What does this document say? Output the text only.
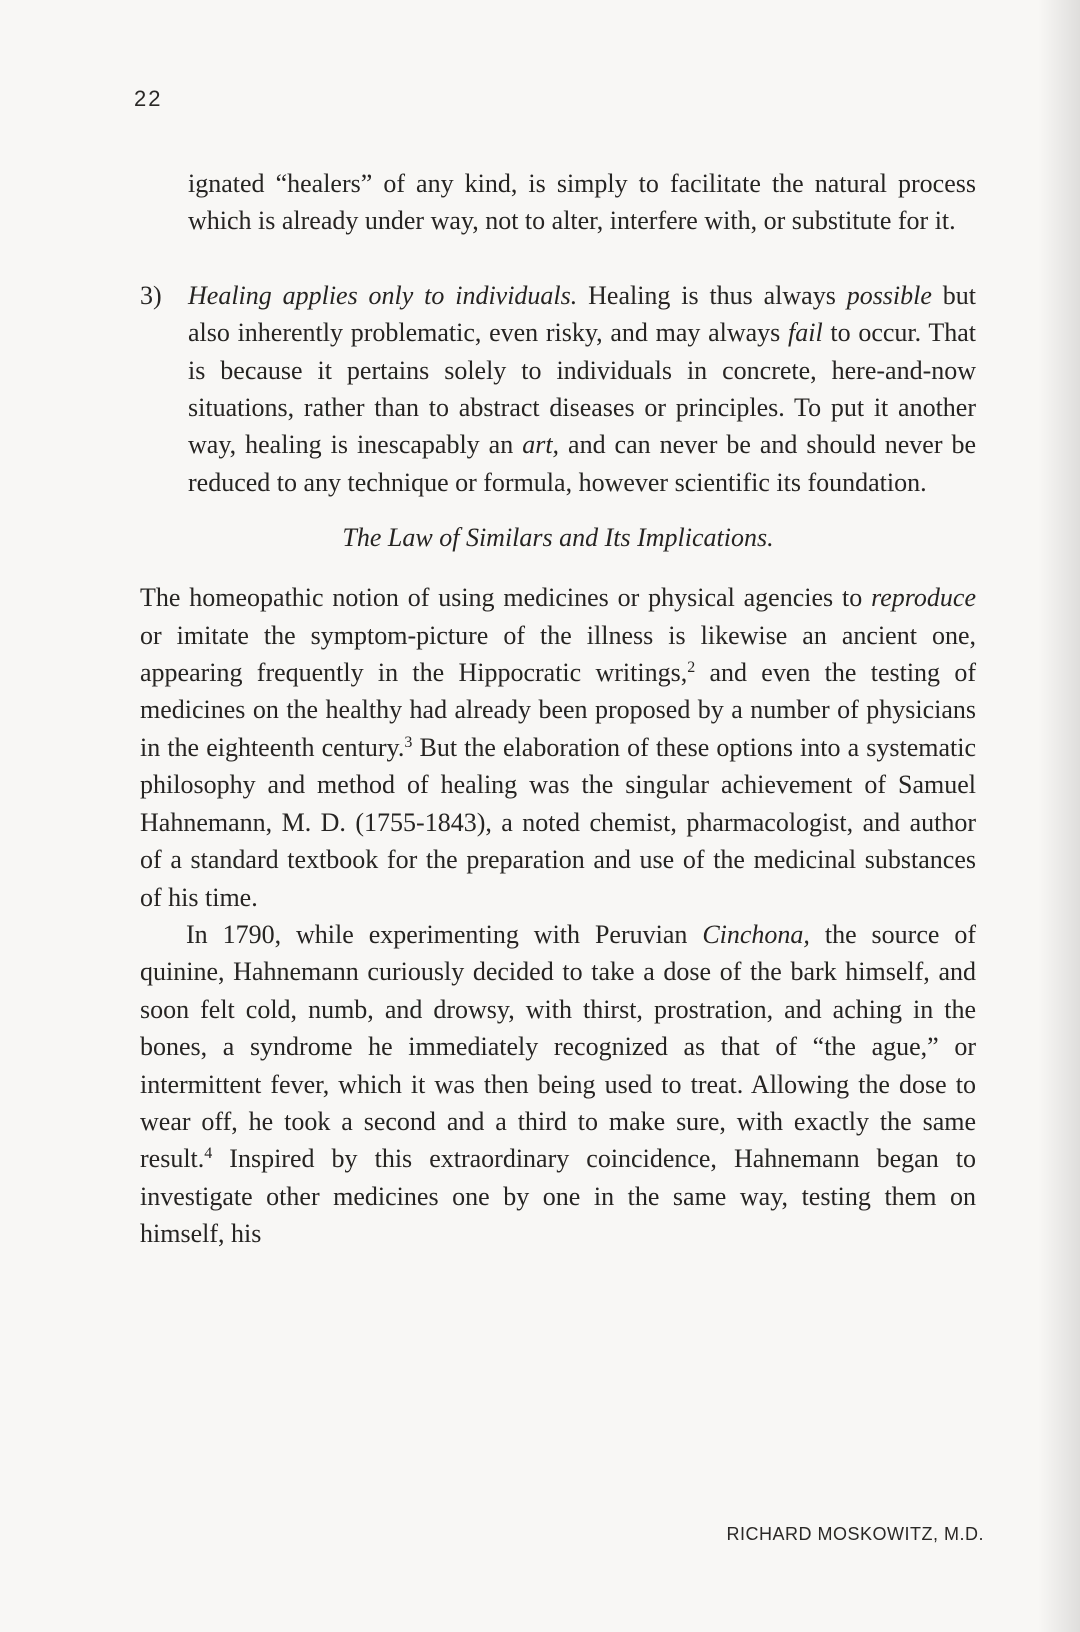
22

ignated “healers” of any kind, is simply to facilitate the natural process which is already under way, not to alter, interfere with, or substitute for it.

3)	Healing applies only to individuals. Healing is thus always possible but also inherently problematic, even risky, and may always fail to occur. That is because it pertains solely to individuals in concrete, here-and-now situations, rather than to abstract diseases or principles. To put it another way, healing is inescapably an art, and can never be and should never be reduced to any technique or formula, however scientific its foundation.

The Law of Similars and Its Implications.

The homeopathic notion of using medicines or physical agencies to reproduce or imitate the symptom-picture of the illness is likewise an ancient one, appearing frequently in the Hippocratic writings,$^2$ and even the testing of medicines on the healthy had already been proposed by a number of physicians in the eighteenth century.$^3$ But the elaboration of these options into a systematic philosophy and method of healing was the singular achievement of Samuel Hahnemann, M. D. (1755-1843), a noted chemist, pharmacologist, and author of a standard textbook for the preparation and use of the medicinal substances of his time.

In 1790, while experimenting with Peruvian Cinchona, the source of quinine, Hahnemann curiously decided to take a dose of the bark himself, and soon felt cold, numb, and drowsy, with thirst, prostration, and aching in the bones, a syndrome he immediately recognized as that of “the ague,” or intermittent fever, which it was then being used to treat. Allowing the dose to wear off, he took a second and a third to make sure, with exactly the same result.$^4$ Inspired by this extraordinary coincidence, Hahnemann began to investigate other medicines one by one in the same way, testing them on himself, his

RICHARD MOSKOWITZ, M.D.
